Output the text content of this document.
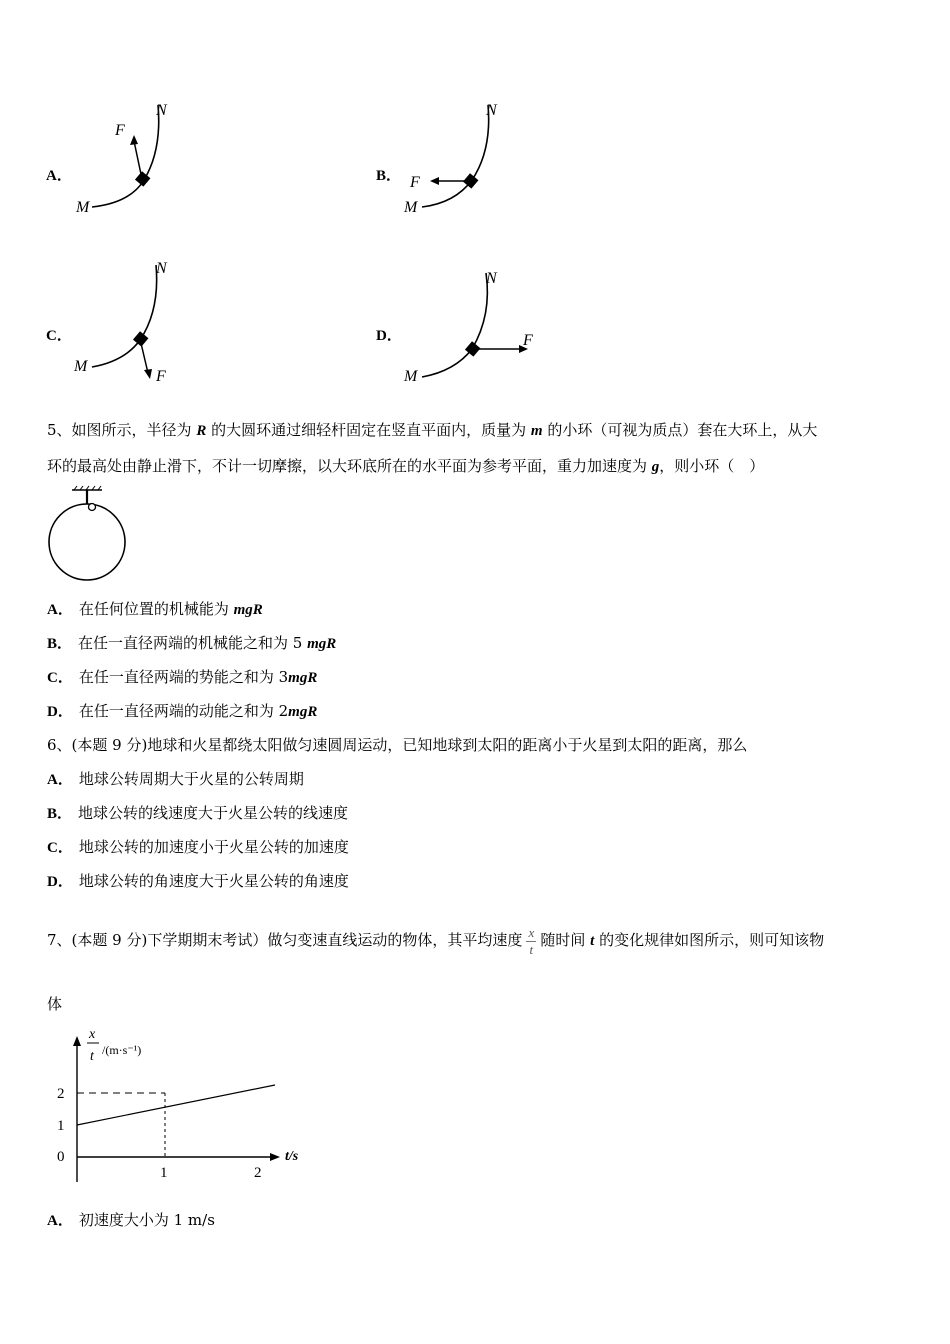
A．
F
M
N
B． F
M
N
C．
F
M
N
D．	F
M
N
5、如图所示，半径为 R 的大圆环通过细轻杆固定在竖直平面内，质量为 m 的小环（可视为质点）套在大环上，从大
环的最高处由静止滑下，不计一切摩擦，以大环底所在的水平面为参考平面，重力加速度为 g，则小环（　）
A． 在任何位置的机械能为 mgR
B． 在任一直径两端的机械能之和为 5 mgR
C． 在任一直径两端的势能之和为 3mgR
D． 在任一直径两端的动能之和为 2mgR
6、(本题 9 分)地球和火星都绕太阳做匀速圆周运动，已知地球到太阳的距离小于火星到太阳的距离，那么
A． 地球公转周期大于火星的公转周期
B． 地球公转的线速度大于火星公转的线速度
C． 地球公转的加速度小于火星公转的加速度
D． 地球公转的角速度大于火星公转的角速度
7、(本题 9 分)下学期期末考试）做匀变速直线运动的物体，其平均速度 $\frac{x}{t}$ 随时间 t 的变化规律如图所示，则可知该物
体
x
t /(m·s⁻¹)
t/s
0
1	2
1
2
A． 初速度大小为 1 m/s
